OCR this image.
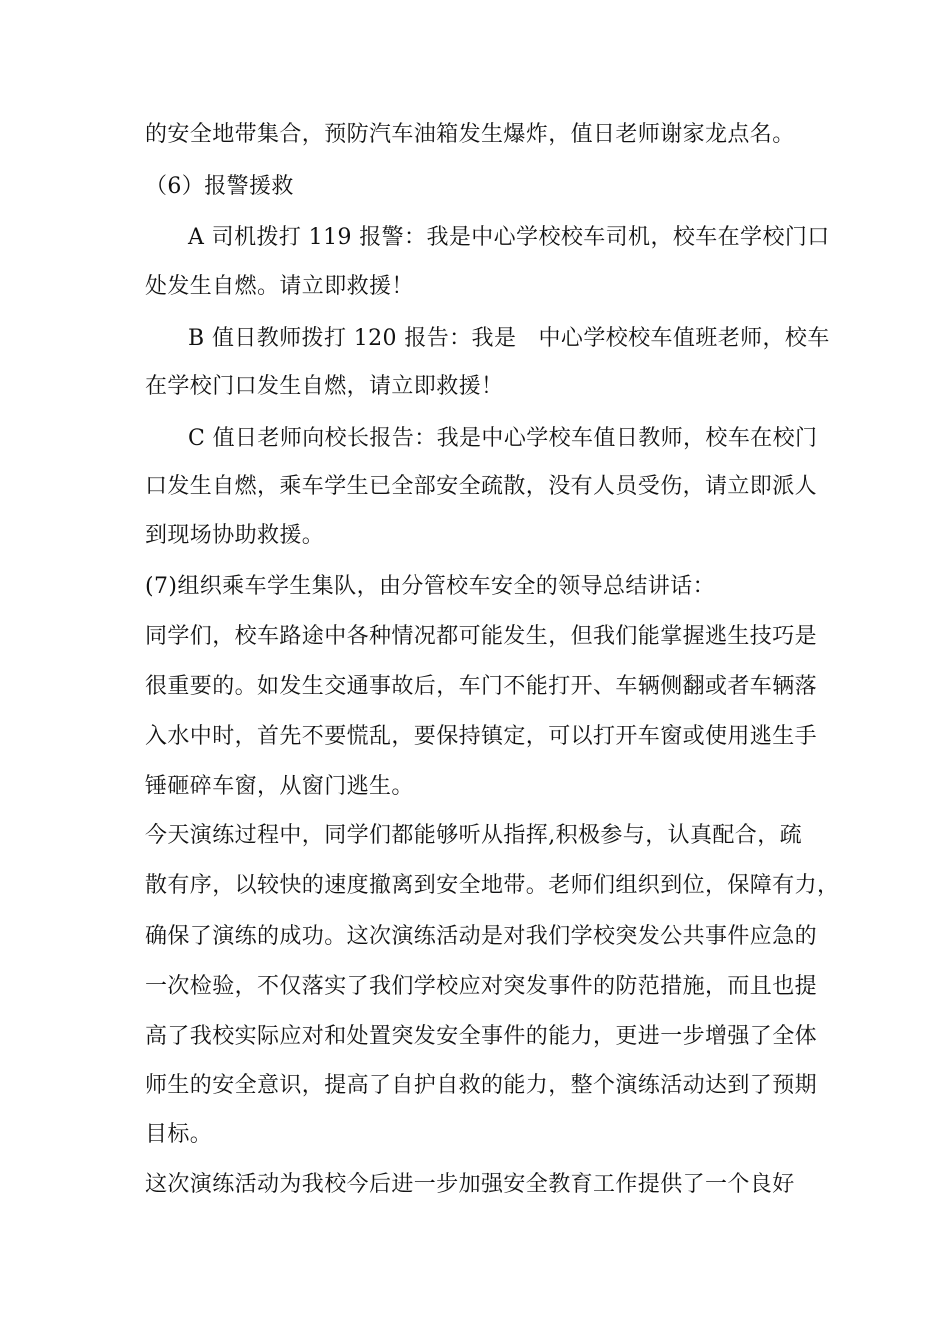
的安全地带集合，预防汽车油箱发生爆炸，值日老师谢家龙点名。
（6）报警援救
A 司机拨打 119 报警：我是中心学校校车司机，校车在学校门口
处发生自燃。请立即救援！
B 值日教师拨打 120 报告：我是   中心学校校车值班老师，校车
在学校门口发生自燃，请立即救援！
C 值日老师向校长报告：我是中心学校车值日教师，校车在校门
口发生自燃，乘车学生已全部安全疏散，没有人员受伤，请立即派人
到现场协助救援。
(7)组织乘车学生集队，由分管校车安全的领导总结讲话：
同学们，校车路途中各种情况都可能发生，但我们能掌握逃生技巧是
很重要的。如发生交通事故后，车门不能打开、车辆侧翻或者车辆落
入水中时，首先不要慌乱，要保持镇定，可以打开车窗或使用逃生手
锤砸碎车窗，从窗门逃生。
今天演练过程中，同学们都能够听从指挥,积极参与，认真配合，疏
散有序，以较快的速度撤离到安全地带。老师们组织到位，保障有力，
确保了演练的成功。这次演练活动是对我们学校突发公共事件应急的
一次检验，不仅落实了我们学校应对突发事件的防范措施，而且也提
高了我校实际应对和处置突发安全事件的能力，更进一步增强了全体
师生的安全意识，提高了自护自救的能力，整个演练活动达到了预期
目标。
这次演练活动为我校今后进一步加强安全教育工作提供了一个良好
